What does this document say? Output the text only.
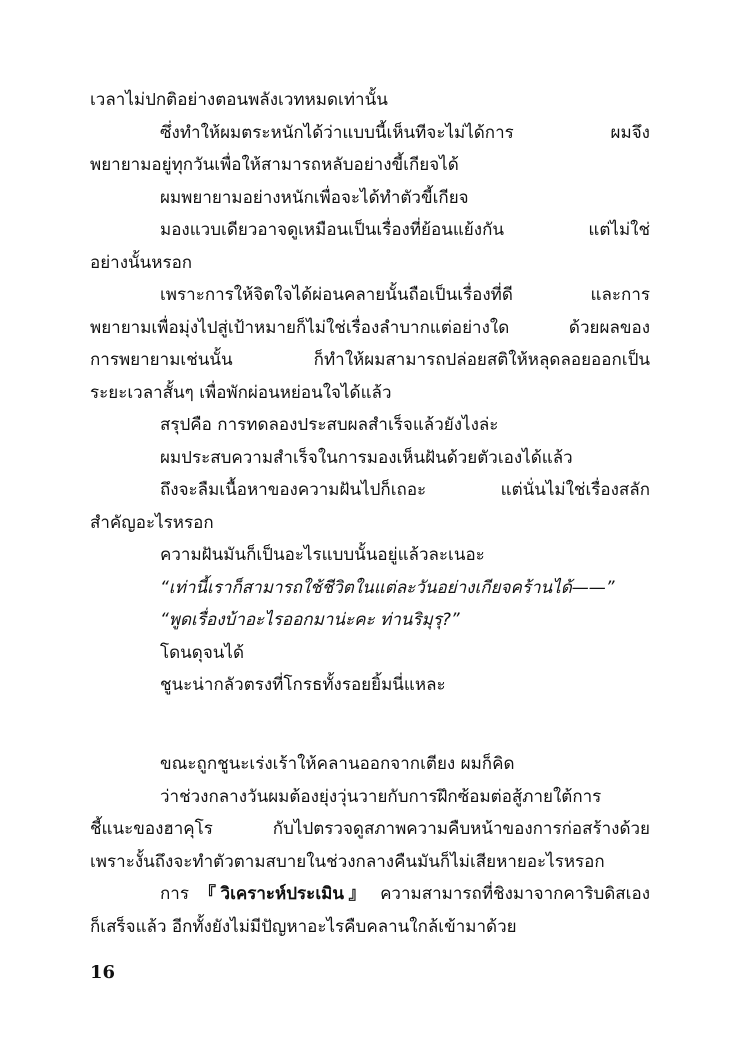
เวลาไม่ปกติอย่างตอนพลังเวทหมดเท่านั้น
ซึ่งทำให้ผมตระหนักได้ว่าแบบนี้เห็นทีจะไม่ได้การ ผมจึง
พยายามอยู่ทุกวันเพื่อให้สามารถหลับอย่างขี้เกียจได้
ผมพยายามอย่างหนักเพื่อจะได้ทำตัวขี้เกียจ
มองแวบเดียวอาจดูเหมือนเป็นเรื่องที่ย้อนแย้งกัน แต่ไม่ใช่
อย่างนั้นหรอก
เพราะการให้จิตใจได้ผ่อนคลายนั้นถือเป็นเรื่องที่ดี และการ
พยายามเพื่อมุ่งไปสู่เป้าหมายก็ไม่ใช่เรื่องลำบากแต่อย่างใด ด้วยผลของ
การพยายามเช่นนั้น ก็ทำให้ผมสามารถปล่อยสติให้หลุดลอยออกเป็น
ระยะเวลาสั้นๆ เพื่อพักผ่อนหย่อนใจได้แล้ว
สรุปคือ การทดลองประสบผลสำเร็จแล้วยังไงล่ะ
ผมประสบความสำเร็จในการมองเห็นฝันด้วยตัวเองได้แล้ว
ถึงจะลืมเนื้อหาของความฝันไปก็เถอะ แต่นั่นไม่ใช่เรื่องสลัก
สำคัญอะไรหรอก
ความฝันมันก็เป็นอะไรแบบนั้นอยู่แล้วละเนอะ
“เท่านี้เราก็สามารถใช้ชีวิตในแต่ละวันอย่างเกียจคร้านได้——”
“พูดเรื่องบ้าอะไรออกมาน่ะคะ ท่านริมุรุ?”
โดนดุจนได้
ชูนะน่ากลัวตรงที่โกรธทั้งรอยยิ้มนี่แหละ
ขณะถูกชูนะเร่งเร้าให้คลานออกจากเตียง ผมก็คิด
ว่าช่วงกลางวันผมต้องยุ่งวุ่นวายกับการฝึกซ้อมต่อสู้ภายใต้การ
ชี้แนะของฮาคุโร กับไปตรวจดูสภาพความคืบหน้าของการก่อสร้างด้วย
เพราะงั้นถึงจะทำตัวตามสบายในช่วงกลางคืนมันก็ไม่เสียหายอะไรหรอก
การ 『วิเคราะห์ประเมิน』 ความสามารถที่ชิงมาจากคาริบดิสเอง
ก็เสร็จแล้ว อีกทั้งยังไม่มีปัญหาอะไรคืบคลานใกล้เข้ามาด้วย
16
